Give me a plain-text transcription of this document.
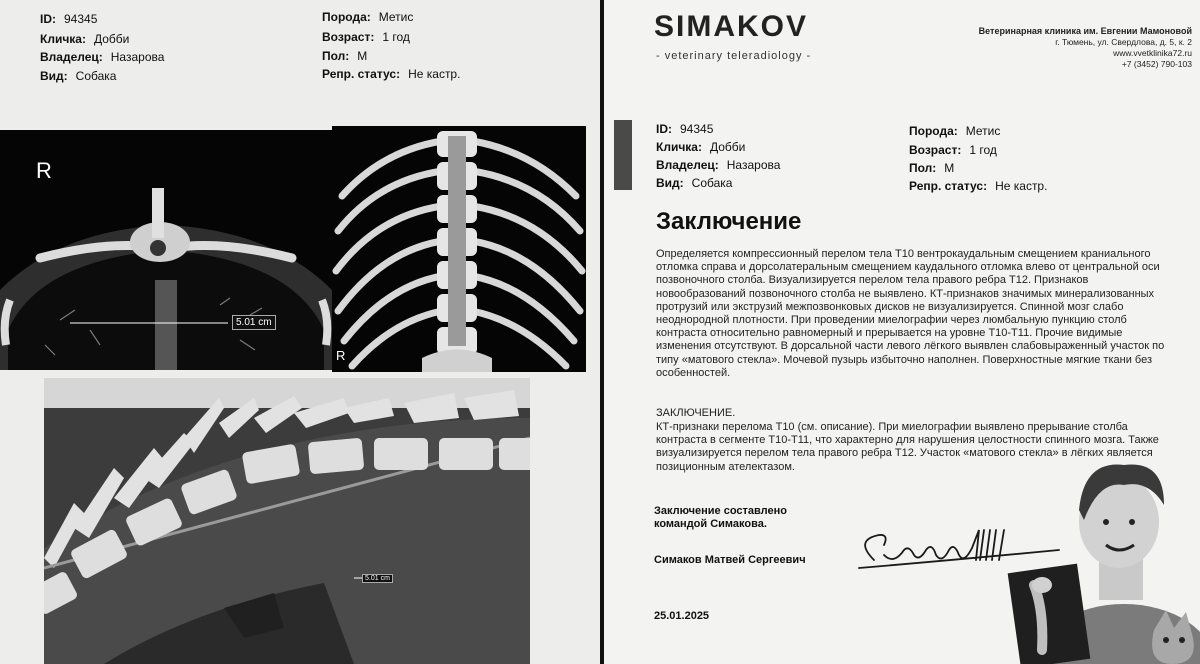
ID: 94345
Кличка: Добби
Владелец: Назарова
Вид: Собака
Порода: Метис
Возраст: 1 год
Пол: М
Репр. статус: Не кастр.
R
5.01 cm
R
5.01 cm
SIMAKOV
- veterinary teleradiology -
Ветеринарная клиника им. Евгении Мамоновой
г. Тюмень, ул. Свердлова, д. 5, к. 2
www.vvetklinika72.ru
+7 (3452) 790-103
ID: 94345
Кличка: Добби
Владелец: Назарова
Вид: Собака
Порода: Метис
Возраст: 1 год
Пол: М
Репр. статус: Не кастр.
Заключение
Определяется компрессионный перелом тела Т10 вентрокаудальным смещением краниального отломка справа и дорсолатеральным смещением каудального отломка влево от центральной оси позвоночного столба. Визуализируется перелом тела правого ребра Т12. Признаков новообразований позвоночного столба не выявлено. КТ-признаков значимых минерализованных протрузий или экструзий межпозвонковых дисков не визуализируется. Спинной мозг слабо неоднородной плотности. При проведении миелографии через люмбальную пункцию столб контраста относительно равномерный и прерывается на уровне Т10-Т11. Прочие видимые изменения отсутствуют. В дорсальной части левого лёгкого выявлен слабовыраженный участок по типу «матового стекла». Мочевой пузырь избыточно наполнен. Поверхностные мягкие ткани без особенностей.
ЗАКЛЮЧЕНИЕ.
КТ-признаки перелома Т10 (см. описание). При миелографии выявлено прерывание столба контраста в сегменте Т10-Т11, что характерно для нарушения целостности спинного мозга. Также визуализируется перелом тела правого ребра Т12. Участок «матового стекла» в лёгких является позиционным ателектазом.
Заключение составлено
командой Симакова.
Симаков Матвей Сергеевич
25.01.2025
